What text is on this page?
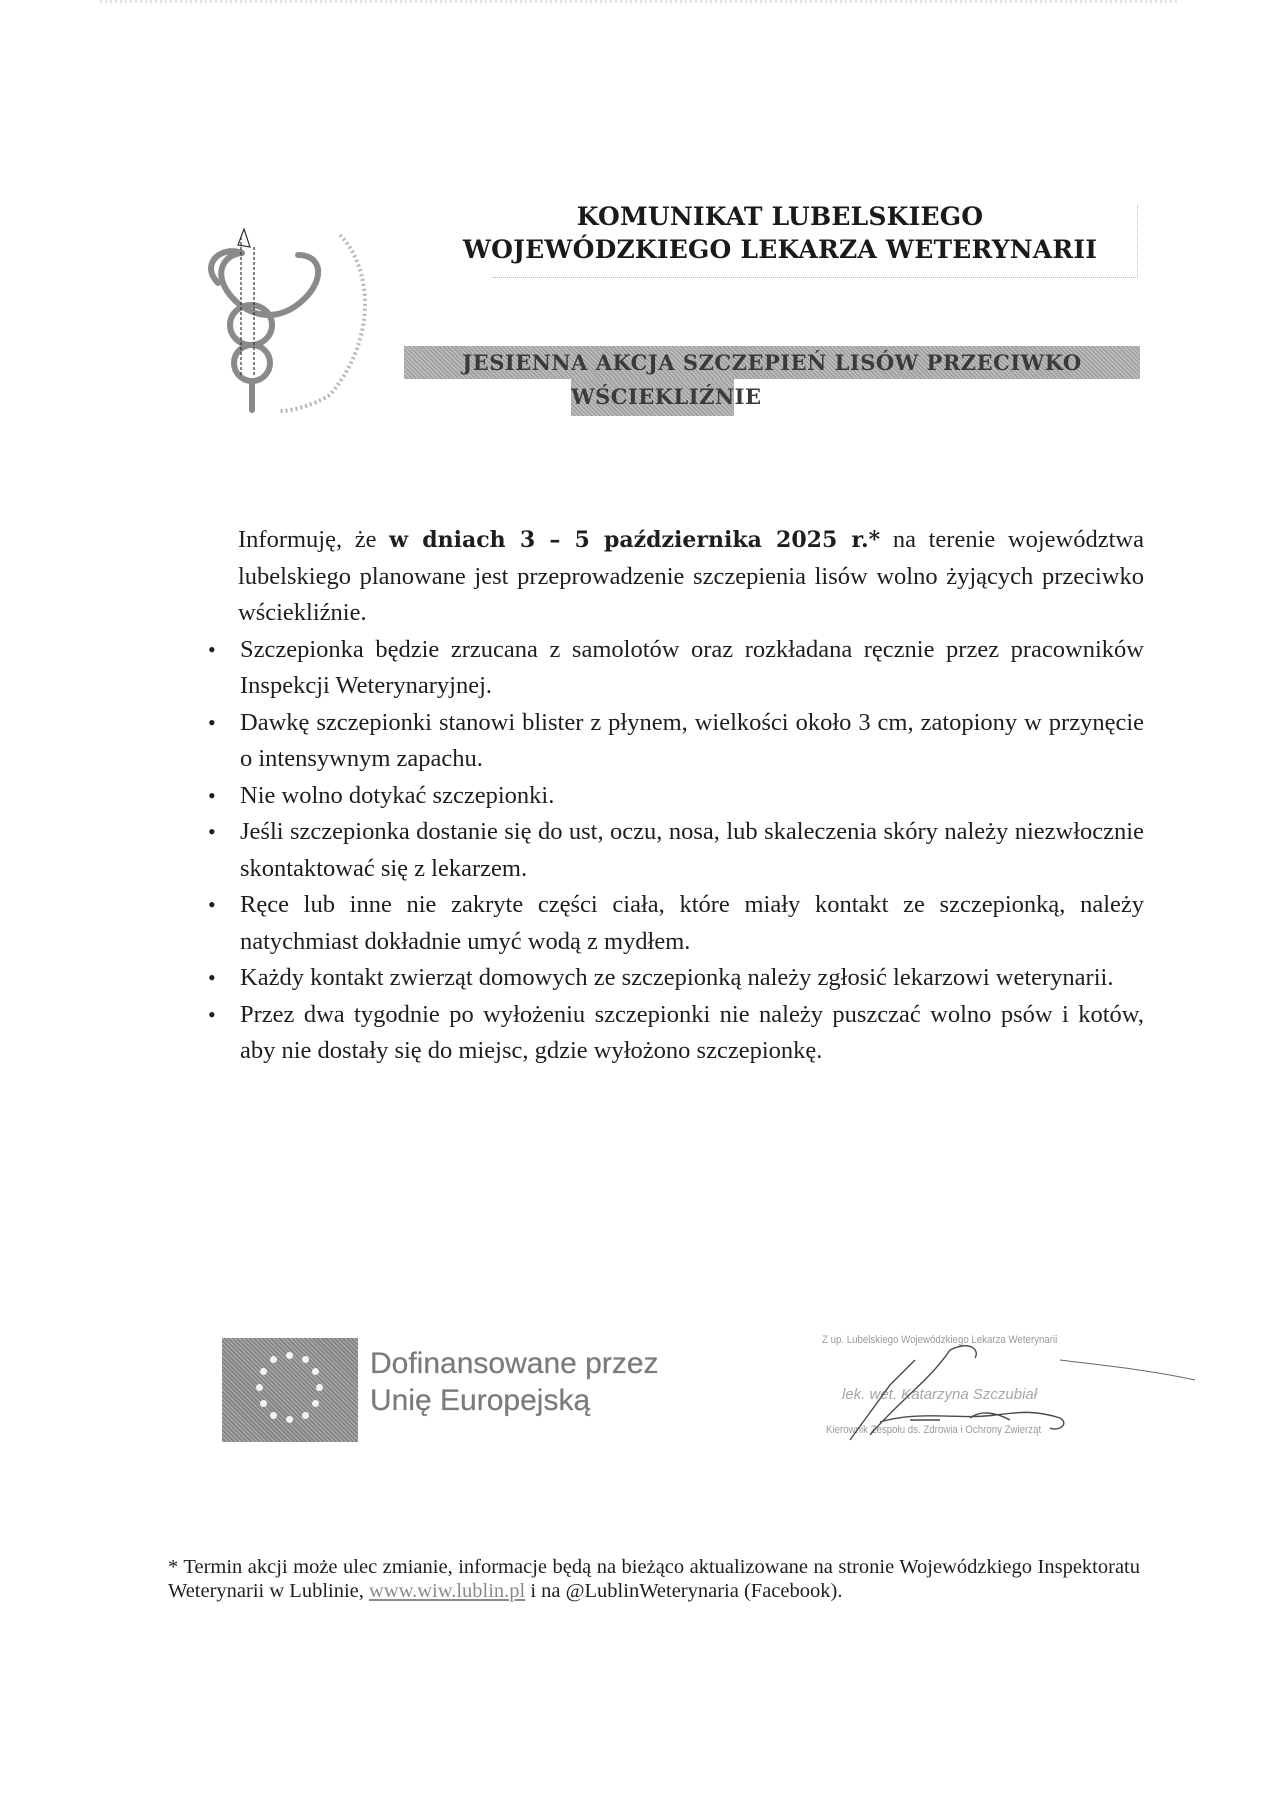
KOMUNIKAT LUBELSKIEGO
WOJEWÓDZKIEGO LEKARZA WETERYNARII
JESIENNA AKCJA SZCZEPIEŃ LISÓW PRZECIWKO
WŚCIEKLIŹNIE

Informuję, że w dniach 3 – 5 października 2025 r.* na terenie województwa lubelskiego planowane jest przeprowadzenie szczepienia lisów wolno żyjących przeciwko wściekliźnie.

• Szczepionka będzie zrzucana z samolotów oraz rozkładana ręcznie przez pracowników Inspekcji Weterynaryjnej.
• Dawkę szczepionki stanowi blister z płynem, wielkości około 3 cm, zatopiony w przynęcie o intensywnym zapachu.
• Nie wolno dotykać szczepionki.
• Jeśli szczepionka dostanie się do ust, oczu, nosa, lub skaleczenia skóry należy niezwłocznie skontaktować się z lekarzem.
• Ręce lub inne nie zakryte części ciała, które miały kontakt ze szczepionką, należy natychmiast dokładnie umyć wodą z mydłem.
• Każdy kontakt zwierząt domowych ze szczepionką należy zgłosić lekarzowi weterynarii.
• Przez dwa tygodnie po wyłożeniu szczepionki nie należy puszczać wolno psów i kotów, aby nie dostały się do miejsc, gdzie wyłożono szczepionkę.
Dofinansowane przez
Unię Europejską
Z up. Lubelskiego Wojewódzkiego Lekarza Weterynarii
lek. wet. Katarzyna Szczubiał
Kierownik Zespołu ds. Zdrowia i Ochrony Zwierząt
* Termin akcji może ulec zmianie, informacje będą na bieżąco aktualizowane na stronie Wojewódzkiego Inspektoratu Weterynarii w Lublinie, www.wiw.lublin.pl i na @LublinWeterynaria (Facebook).
